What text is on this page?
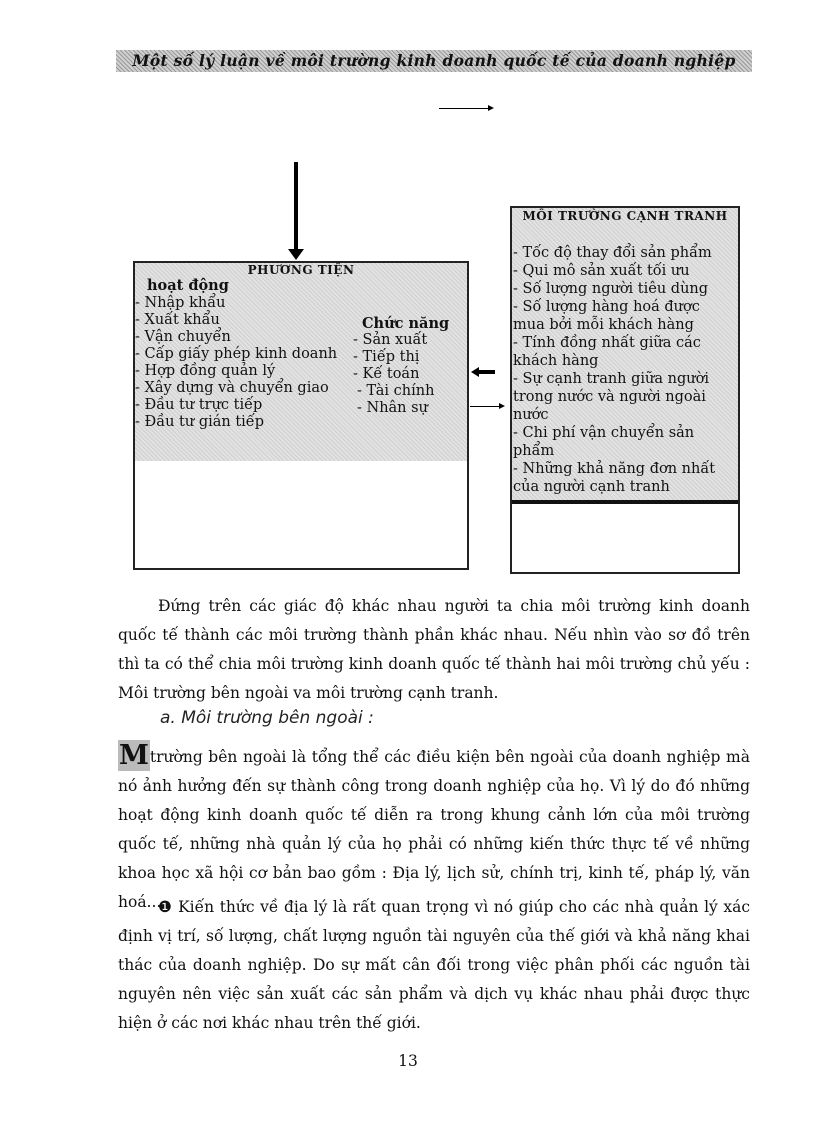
Một số lý luận về môi trường kinh doanh quốc tế của doanh nghiệp
PHƯƠNG TIỆN
hoạt động
- Nhập khẩu
- Xuất khẩu
- Vận chuyển
- Cấp giấy phép kinh doanh
- Hợp đồng quản lý
- Xây dựng và chuyển giao
- Đầu tư trực tiếp
- Đầu tư gián tiếp
Chức năng
- Sản xuất
- Tiếp thị
- Kế toán
- Tài chính
- Nhân sự
MÔI TRƯỜNG CẠNH TRANH
- Tốc độ thay đổi sản phẩm
- Qui mô sản xuất tối ưu
- Số lượng người tiêu dùng
- Số lượng hàng hoá được
mua bởi mỗi khách hàng
- Tính đồng nhất giữa các
khách hàng
- Sự cạnh tranh giữa người
trong nước và người ngoài
nước
- Chi phí vận chuyển sản
phẩm
- Những khả năng đơn nhất
của người cạnh tranh

Đứng trên các giác độ khác nhau người ta chia môi trường kinh doanh quốc tế thành các môi trường thành phần khác nhau. Nếu nhìn vào sơ đồ trên thì ta có thể chia môi trường kinh doanh quốc tế thành hai môi trường chủ yếu : Môi trường bên ngoài va môi trường cạnh tranh.

a. Môi trường bên ngoài :

Mtrường bên ngoài là tổng thể các điều kiện bên ngoài của doanh nghiệp mà nó ảnh hưởng đến sự thành công trong doanh nghiệp của họ. Vì lý do đó những hoạt động kinh doanh quốc tế diễn ra trong khung cảnh lớn của môi trường quốc tế, những nhà quản lý của họ phải có những kiến thức thực tế về những khoa học xã hội cơ bản bao gồm : Địa lý, lịch sử, chính trị, kinh tế, pháp lý, văn hoá...

❶ Kiến thức về địa lý là rất quan trọng vì nó giúp cho các nhà quản lý xác định vị trí, số lượng, chất lượng nguồn tài nguyên của thế giới và khả năng khai thác của doanh nghiệp. Do sự mất cân đối trong việc phân phối các nguồn tài nguyên nên việc sản xuất các sản phẩm và dịch vụ khác nhau phải được thực hiện ở các nơi khác nhau trên thế giới.

13
